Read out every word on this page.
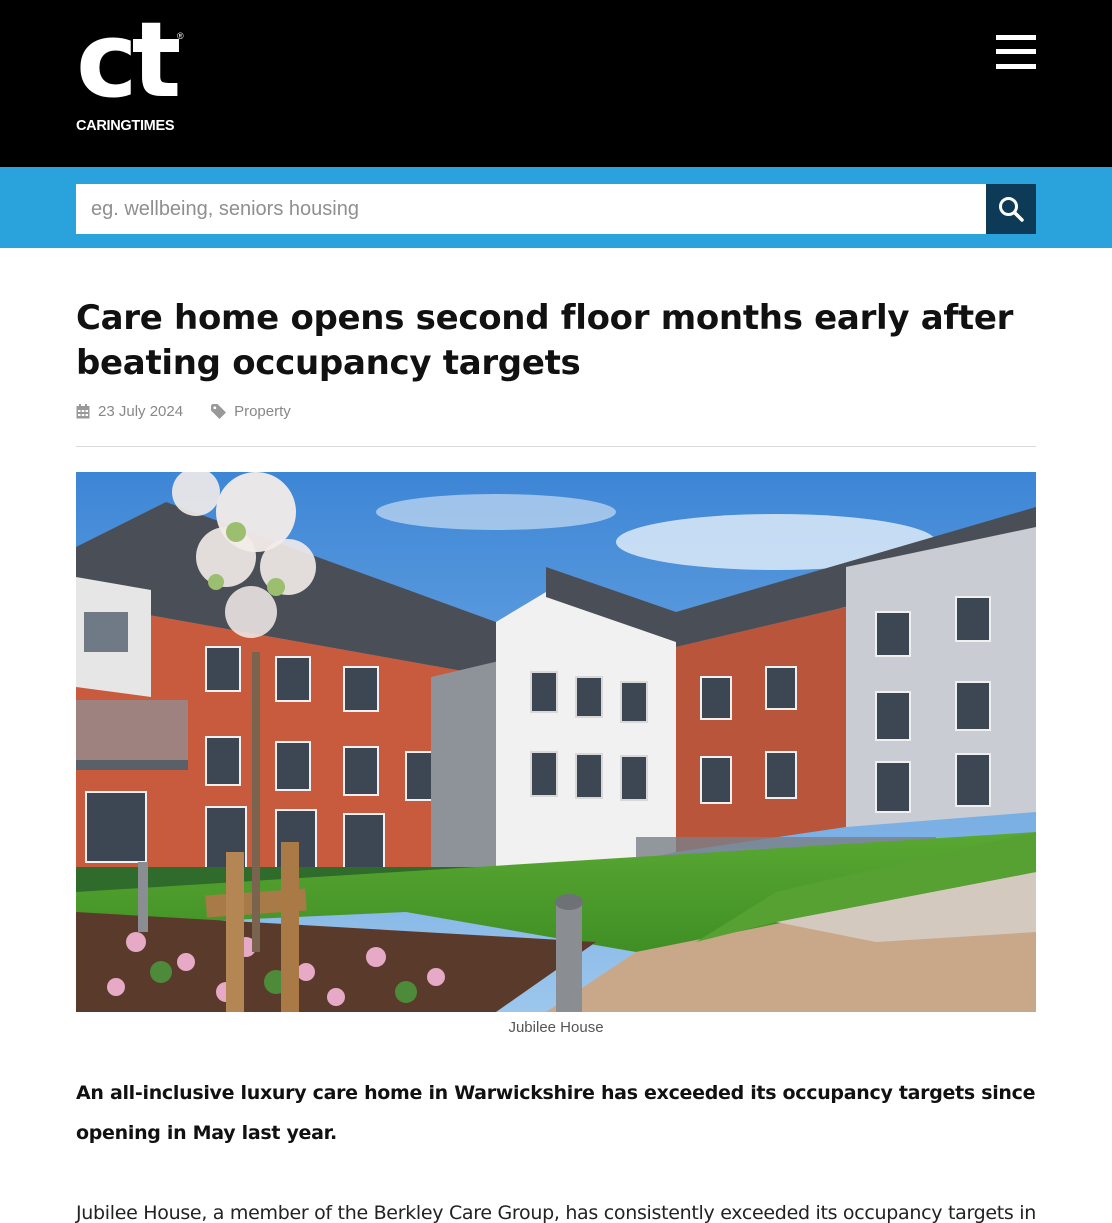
ct ®
CARINGTIMES
eg. wellbeing, seniors housing
Care home opens second floor months early after beating occupancy targets
23 July 2024	Property

Jubilee House

An all-inclusive luxury care home in Warwickshire has exceeded its occupancy targets since opening in May last year.

Jubilee House, a member of the Berkley Care Group, has consistently exceeded its occupancy targets in
